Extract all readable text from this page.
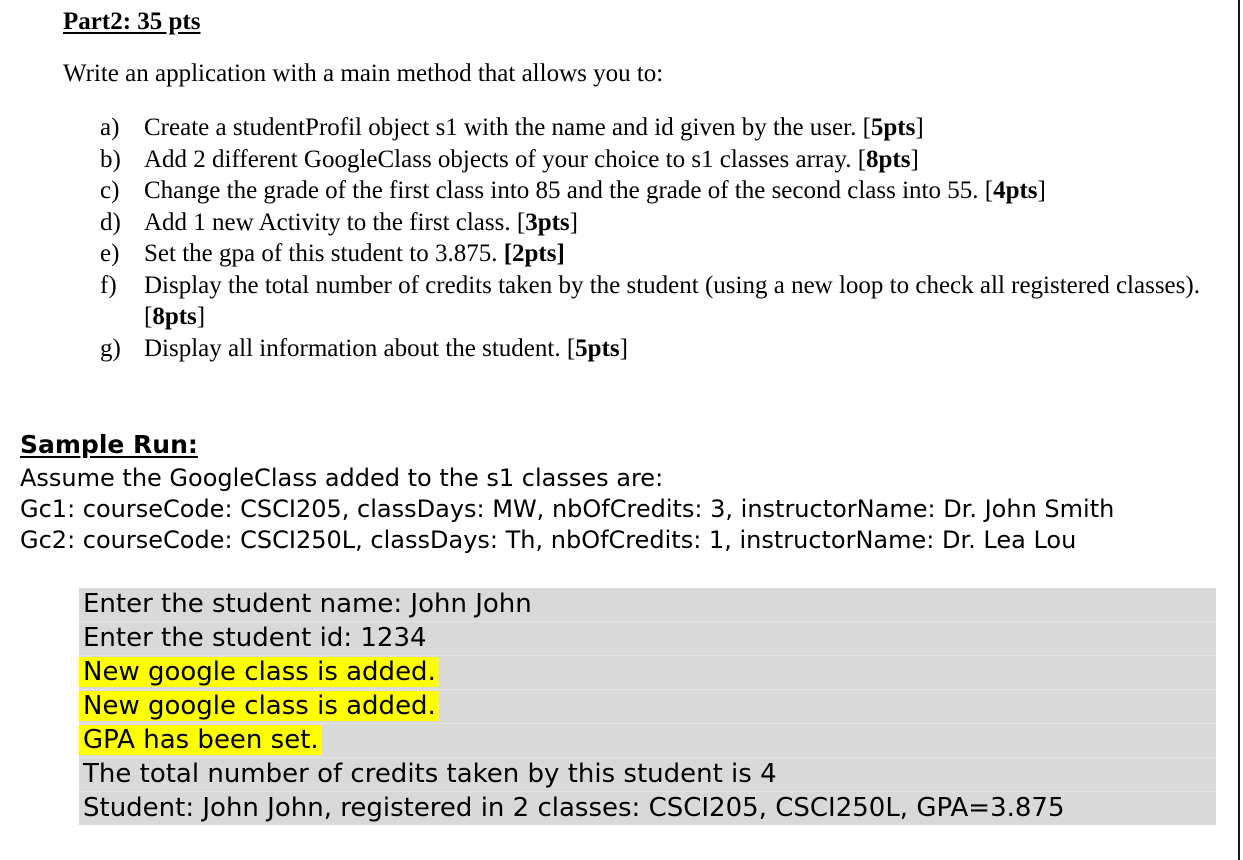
Part2: 35 pts

Write an application with a main method that allows you to:

a) Create a studentProfil object s1 with the name and id given by the user. [5pts]
b) Add 2 different GoogleClass objects of your choice to s1 classes array. [8pts]
c) Change the grade of the first class into 85 and the grade of the second class into 55. [4pts]
d) Add 1 new Activity to the first class. [3pts]
e) Set the gpa of this student to 3.875. [2pts]
f) Display the total number of credits taken by the student (using a new loop to check all registered classes). [8pts]
g) Display all information about the student. [5pts]
Sample Run:
Assume the GoogleClass added to the s1 classes are:
Gc1: courseCode: CSCI205, classDays: MW, nbOfCredits: 3, instructorName: Dr. John Smith
Gc2: courseCode: CSCI250L, classDays: Th, nbOfCredits: 1, instructorName: Dr. Lea Lou
Enter the student name: John John
Enter the student id: 1234
New google class is added.
New google class is added.
GPA has been set.
The total number of credits taken by this student is 4
Student: John John, registered in 2 classes: CSCI205, CSCI250L, GPA=3.875
